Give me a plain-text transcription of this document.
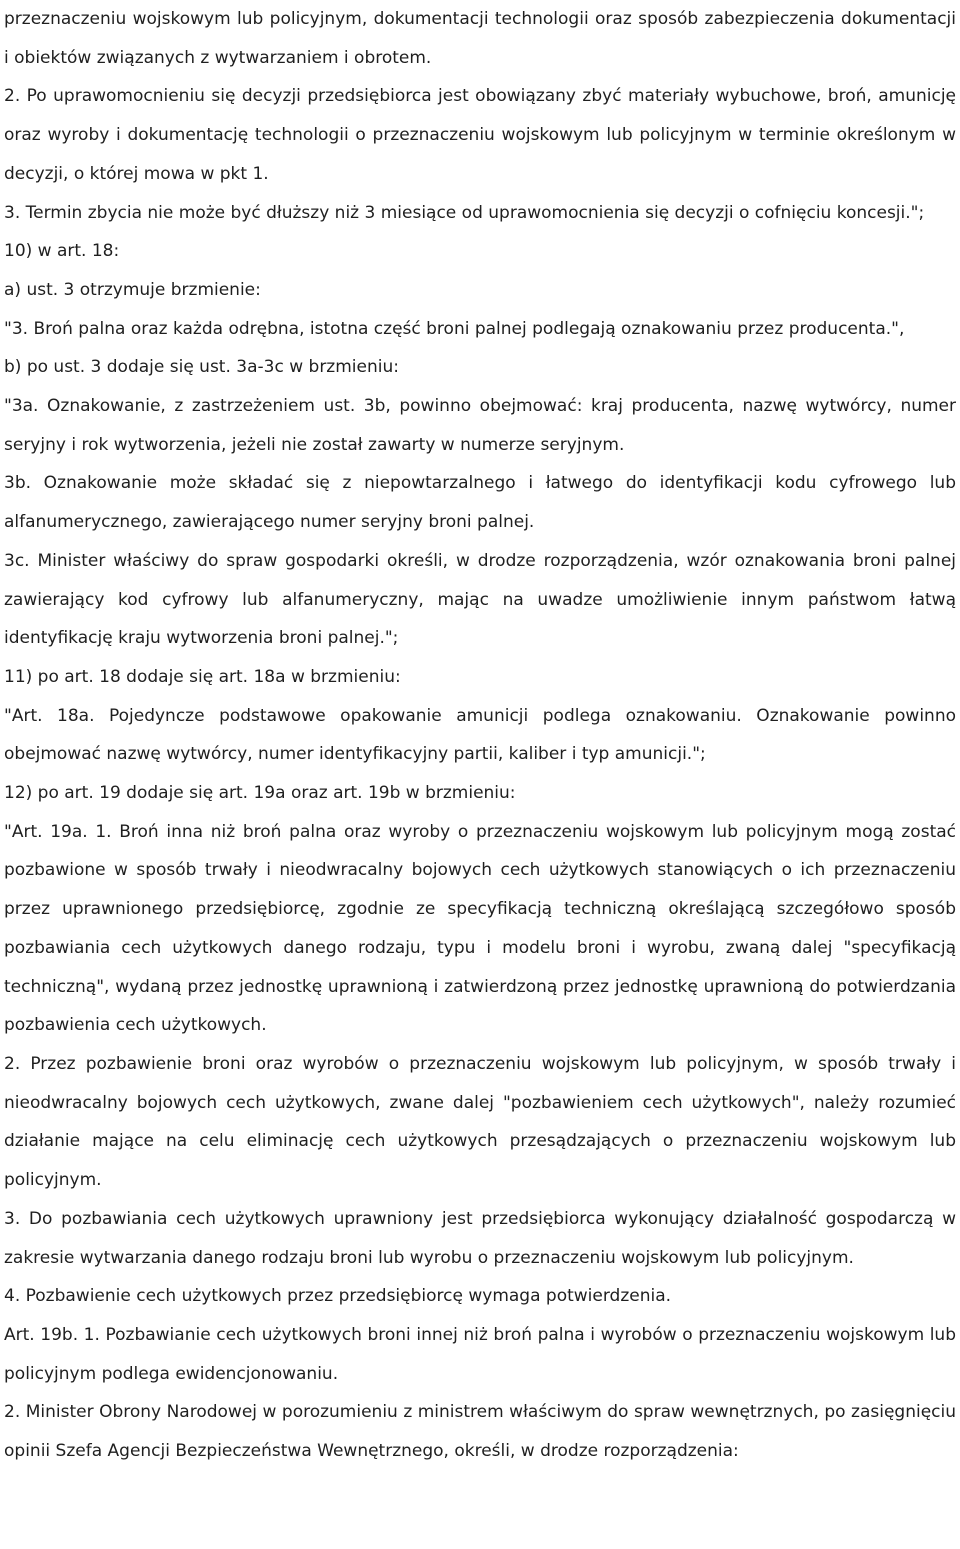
przeznaczeniu wojskowym lub policyjnym, dokumentacji technologii oraz sposób zabezpieczenia dokumentacji i obiektów związanych z wytwarzaniem i obrotem.

2. Po uprawomocnieniu się decyzji przedsiębiorca jest obowiązany zbyć materiały wybuchowe, broń, amunicję oraz wyroby i dokumentację technologii o przeznaczeniu wojskowym lub policyjnym w terminie określonym w decyzji, o której mowa w pkt 1.

3. Termin zbycia nie może być dłuższy niż 3 miesiące od uprawomocnienia się decyzji o cofnięciu koncesji.";

10) w art. 18:

a) ust. 3 otrzymuje brzmienie:

"3. Broń palna oraz każda odrębna, istotna część broni palnej podlegają oznakowaniu przez producenta.",

b) po ust. 3 dodaje się ust. 3a-3c w brzmieniu:

"3a. Oznakowanie, z zastrzeżeniem ust. 3b, powinno obejmować: kraj producenta, nazwę wytwórcy, numer seryjny i rok wytworzenia, jeżeli nie został zawarty w numerze seryjnym.

3b. Oznakowanie może składać się z niepowtarzalnego i łatwego do identyfikacji kodu cyfrowego lub alfanumerycznego, zawierającego numer seryjny broni palnej.

3c. Minister właściwy do spraw gospodarki określi, w drodze rozporządzenia, wzór oznakowania broni palnej zawierający kod cyfrowy lub alfanumeryczny, mając na uwadze umożliwienie innym państwom łatwą identyfikację kraju wytworzenia broni palnej.";

11) po art. 18 dodaje się art. 18a w brzmieniu:

"Art. 18a. Pojedyncze podstawowe opakowanie amunicji podlega oznakowaniu. Oznakowanie powinno obejmować nazwę wytwórcy, numer identyfikacyjny partii, kaliber i typ amunicji.";

12) po art. 19 dodaje się art. 19a oraz art. 19b w brzmieniu:

"Art. 19a. 1. Broń inna niż broń palna oraz wyroby o przeznaczeniu wojskowym lub policyjnym mogą zostać pozbawione w sposób trwały i nieodwracalny bojowych cech użytkowych stanowiących o ich przeznaczeniu przez uprawnionego przedsiębiorcę, zgodnie ze specyfikacją techniczną określającą szczegółowo sposób pozbawiania cech użytkowych danego rodzaju, typu i modelu broni i wyrobu, zwaną dalej "specyfikacją techniczną", wydaną przez jednostkę uprawnioną i zatwierdzoną przez jednostkę uprawnioną do potwierdzania pozbawienia cech użytkowych.

2. Przez pozbawienie broni oraz wyrobów o przeznaczeniu wojskowym lub policyjnym, w sposób trwały i nieodwracalny bojowych cech użytkowych, zwane dalej "pozbawieniem cech użytkowych", należy rozumieć działanie mające na celu eliminację cech użytkowych przesądzających o przeznaczeniu wojskowym lub policyjnym.

3. Do pozbawiania cech użytkowych uprawniony jest przedsiębiorca wykonujący działalność gospodarczą w zakresie wytwarzania danego rodzaju broni lub wyrobu o przeznaczeniu wojskowym lub policyjnym.

4. Pozbawienie cech użytkowych przez przedsiębiorcę wymaga potwierdzenia.

Art. 19b. 1. Pozbawianie cech użytkowych broni innej niż broń palna i wyrobów o przeznaczeniu wojskowym lub policyjnym podlega ewidencjonowaniu.

2. Minister Obrony Narodowej w porozumieniu z ministrem właściwym do spraw wewnętrznych, po zasięgnięciu opinii Szefa Agencji Bezpieczeństwa Wewnętrznego, określi, w drodze rozporządzenia:
